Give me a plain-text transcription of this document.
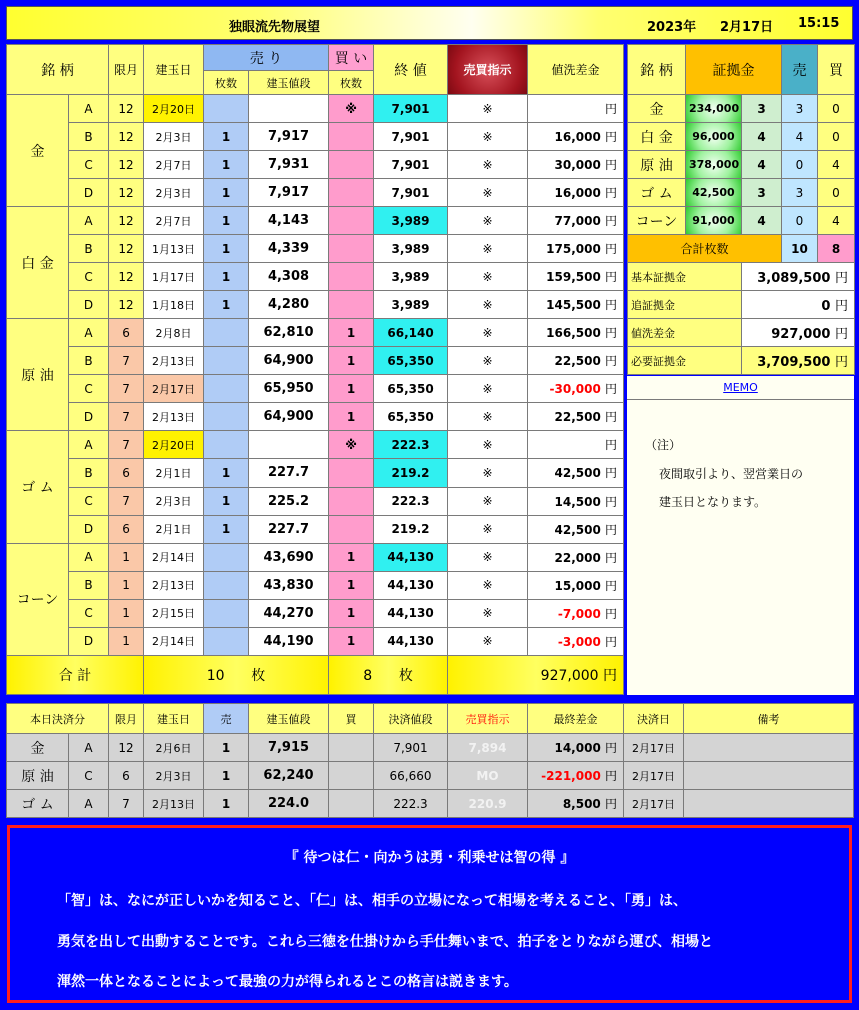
独眼流先物展望	2023年 2月17日 15:15
銘 柄		限月	建玉日	売 り		買 い	終 値	売買指示	値洗差金
				枚数	建玉値段	枚数			
金	A	12	2月20日			※	7,901	※	円
	B	12	2月3日	1	7,917		7,901	※	16,000 円
	C	12	2月7日	1	7,931		7,901	※	30,000 円
	D	12	2月3日	1	7,917		7,901	※	16,000 円
白 金	A	12	2月7日	1	4,143		3,989	※	77,000 円
	B	12	1月13日	1	4,339		3,989	※	175,000 円
	C	12	1月17日	1	4,308		3,989	※	159,500 円
	D	12	1月18日	1	4,280		3,989	※	145,500 円
原 油	A	6	2月8日		62,810	1	66,140	※	166,500 円
	B	7	2月13日		64,900	1	65,350	※	22,500 円
	C	7	2月17日		65,950	1	65,350	※	-30,000 円
	D	7	2月13日		64,900	1	65,350	※	22,500 円
ゴ ム	A	7	2月20日			※	222.3	※	円
	B	6	2月1日	1	227.7		219.2	※	42,500 円
	C	7	2月3日	1	225.2		222.3	※	14,500 円
	D	6	2月1日	1	227.7		219.2	※	42,500 円
コーン	A	1	2月14日		43,690	1	44,130	※	22,000 円
	B	1	2月13日		43,830	1	44,130	※	15,000 円
	C	1	2月15日		44,270	1	44,130	※	-7,000 円
	D	1	2月14日		44,190	1	44,130	※	-3,000 円
合 計			10 枚			8 枚		927,000 円	
銘 柄	証拠金		売	買
金	234,000	3	3	0
白 金	96,000	4	4	0
原 油	378,000	4	0	4
ゴ ム	42,500	3	3	0
コーン	91,000	4	0	4
合計枚数			10	8
基本証拠金		3,089,500 円		
追証拠金		0 円		
値洗差金		927,000 円		
必要証拠金		3,709,500 円		
MEMO
（注）
夜間取引より、翌営業日の
建玉日となります。
本日決済分		限月	建玉日	売	建玉値段	買	決済値段	売買指示	最終差金	決済日	備考
金	A	12	2月6日	1	7,915		7,901	7,894	14,000 円	2月17日	
原 油	C	6	2月3日	1	62,240		66,660	MO	-221,000 円	2月17日	
ゴ ム	A	7	2月13日	1	224.0		222.3	220.9	8,500 円	2月17日	
『 待つは仁・向かうは勇・利乗せは智の得 』
「智」は、なにが正しいかを知ること、「仁」は、相手の立場になって相場を考えること、「勇」は、
勇気を出して出動することです。これら三徳を仕掛けから手仕舞いまで、拍子をとりながら運び、相場と
渾然一体となることによって最強の力が得られるとこの格言は説きます。
